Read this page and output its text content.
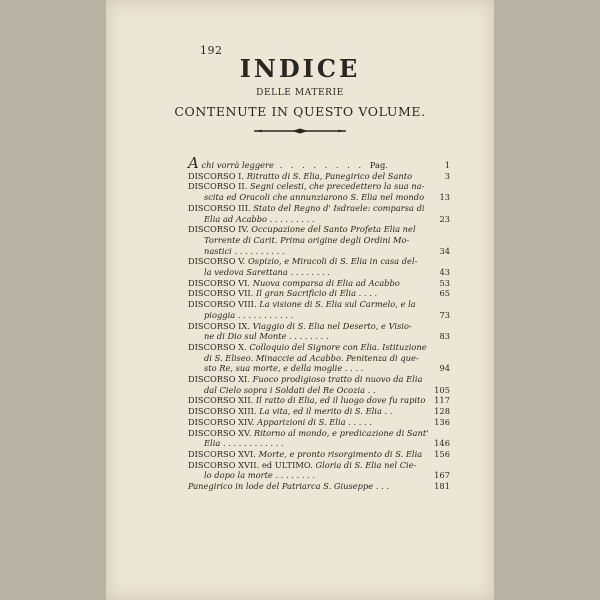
192
INDICE
DELLE MATERIE
CONTENUTE IN QUESTO VOLUME.
A chi vorrà leggere . . . . . . . . Pag.	1
DISCORSO I. Ritratto di S. Elia, Panegirico del Santo	3
DISCORSO II. Segni celesti, che precedettero la sua na-
scita ed Oracoli che annunziarono S. Elia nel mondo	13
DISCORSO III. Stato del Regno d' Isdraele: comparsa di
Elia ad Acabbo . . . . . . . . .	23
DISCORSO IV. Occupazione del Santo Profeta Elia nel
Torrente di Carit. Prima origine degli Ordini Mo-
nastici . . . . . . . . . .	34
DISCORSO V. Ospizio, e Miracoli di S. Elia in casa del-
la vedova Sarettana . . . . . . . .	43
DISCORSO VI. Nuova comparsa di Elia ad Acabbo	53
DISCORSO VII. Il gran Sacrificio di Elia . . . .	65
DISCORSO VIII. La visione di S. Elia sul Carmelo, e la
pioggia . . . . . . . . . . .	73
DISCORSO IX. Viaggio di S. Elia nel Deserto, e Visio-
ne di Dio sul Monte . . . . . . . .	83
DISCORSO X. Colloquio del Signore con Elia. Istituzione
di S. Eliseo. Minaccie ad Acabbo. Penitenza di que-
sto Re, sua morte, e della moglie . . . .	94
DISCORSO XI. Fuoco prodigioso tratto di nuovo da Elia
dal Cielo sopra i Soldati del Re Ocozia . .	105
DISCORSO XII. Il ratto di Elia, ed il luogo dove fu rapito	117
DISCORSO XIII. La vita, ed il merito di S. Elia . .	128
DISCORSO XIV. Apparizioni di S. Elia . . . . .	136
DISCORSO XV. Ritorno al mondo, e predicazione di Sant'
Elia . . . . . . . . . . . .	146
DISCORSO XVI. Morte, e pronto risorgimento di S. Elia	156
DISCORSO XVII. ed ULTIMO. Gloria di S. Elia nel Cie-
lo dopo la morte . . . . . . . .	167
Panegirico in lode del Patriarca S. Giuseppe . . .	181
